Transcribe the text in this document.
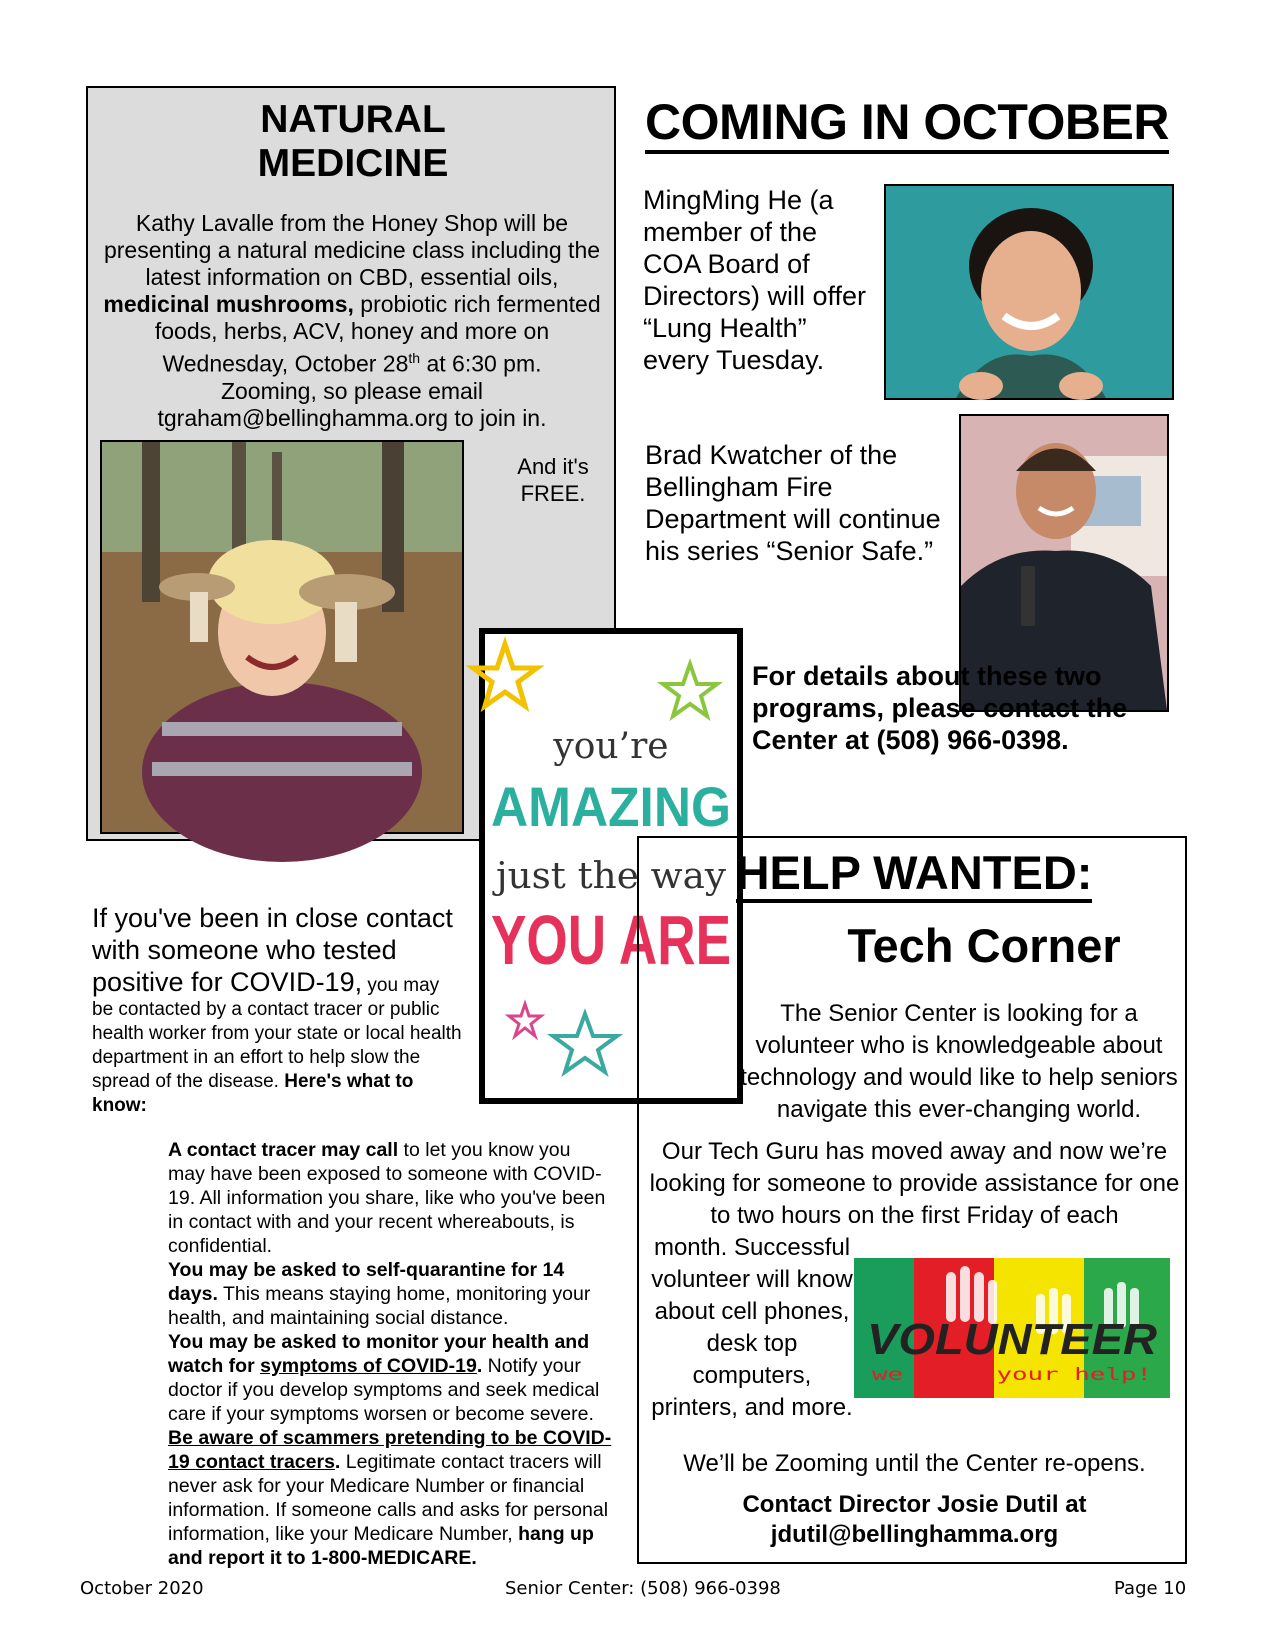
NATURAL
MEDICINE
Kathy Lavalle from the Honey Shop will be presenting a natural medicine class including the latest information on CBD, essential oils, medicinal mushrooms, probiotic rich fermented foods, herbs, ACV, honey and more on Wednesday, October 28th at 6:30 pm.
Zooming, so please email
tgraham@bellinghamma.org to join in.
And it's
FREE.
COMING IN OCTOBER
MingMing He (a member of the COA Board of Directors) will offer “Lung Health” every Tuesday.
Brad Kwatcher of the Bellingham Fire Department will continue his series “Senior Safe.”
For details about these two programs, please contact the Center at (508) 966-0398.
you’re
AMAZING
just the way
YOU ARE
If you've been in close contact with someone who tested positive for COVID-19, you may be contacted by a contact tracer or public health worker from your state or local health department in an effort to help slow the spread of the disease. Here's what to know:

A contact tracer may call to let you know you may have been exposed to someone with COVID-19. All information you share, like who you've been in contact with and your recent whereabouts, is confidential.

You may be asked to self-quarantine for 14 days. This means staying home, monitoring your health, and maintaining social distance.

You may be asked to monitor your health and watch for symptoms of COVID-19. Notify your doctor if you develop symptoms and seek medical care if your symptoms worsen or become severe.

Be aware of scammers pretending to be COVID-19 contact tracers. Legitimate contact tracers will never ask for your Medicare Number or financial information. If someone calls and asks for personal information, like your Medicare Number, hang up and report it to 1-800-MEDICARE.

HELP WANTED:
Tech Corner
The Senior Center is looking for a volunteer who is knowledgeable about technology and would like to help seniors navigate this ever-changing world.
Our Tech Guru has moved away and now we’re looking for someone to provide assistance for one to two hours on the first Friday of each
month. Successful volunteer will know about cell phones, desk top computers, printers, and more.
VOLUNTEER
we need your help!
We’ll be Zooming until the Center re-opens.
Contact Director Josie Dutil at
jdutil@bellinghamma.org
October 2020	Senior Center: (508) 966-0398	Page 10
